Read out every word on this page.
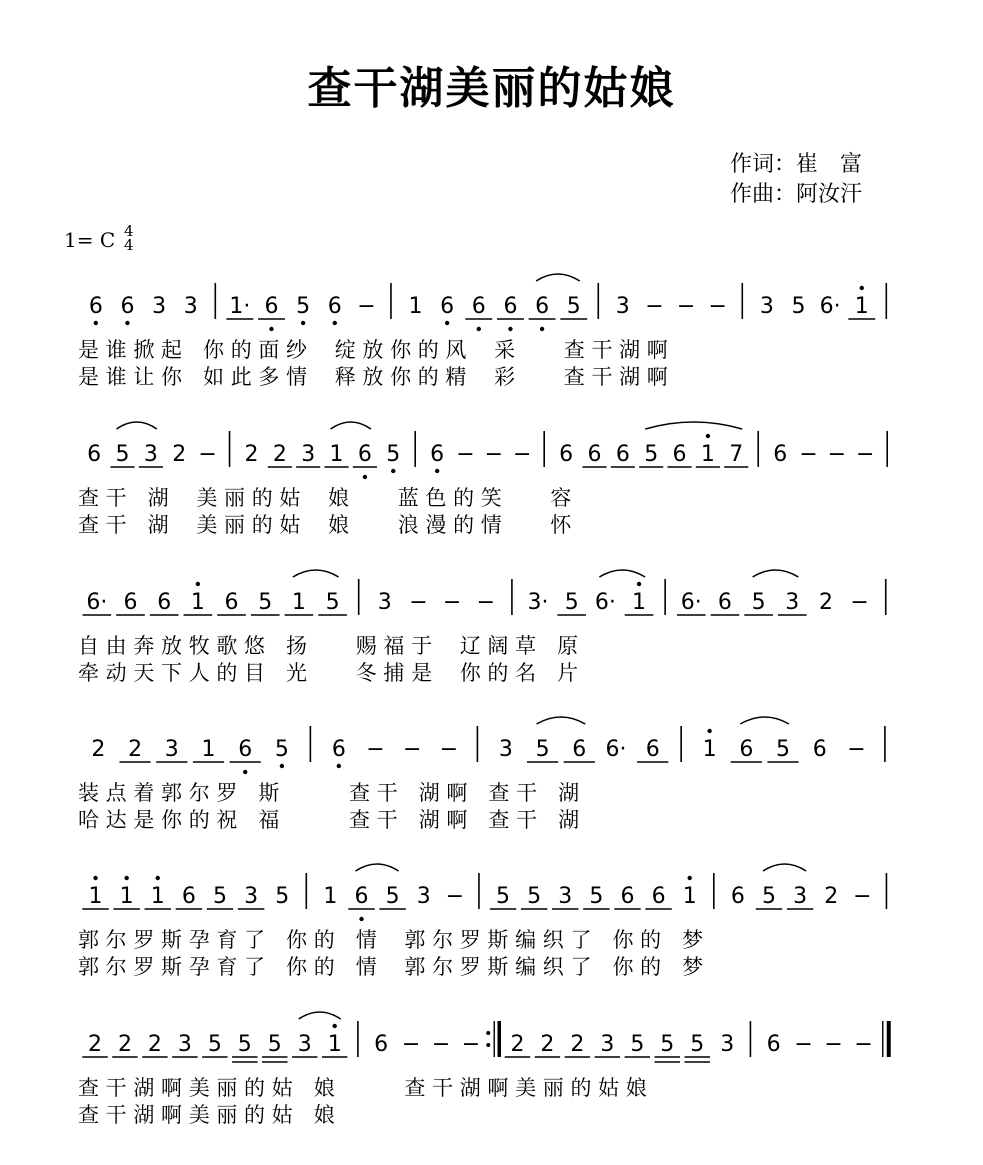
查干湖美丽的姑娘
作词：崔　富
作曲：阿汝汗
1= C 4
4
6 6 3 3 1· 6 5 6 − 1 6 6 6 6 5 3 − − − 3 5 6· 1
是 谁 掀 起　你 的 面 纱　 绽 放 你 的 风　 采　　 查 干 湖 啊
是 谁 让 你　如 此 多 情　 释 放 你 的 精　 彩　　 查 干 湖 啊
6 5 3 2 − 2 2 3 1 6 5 6 − − − 6 6 6 5 6 1 7 6 − − −
查 干　湖　 美 丽 的 姑　 娘　　 蓝 色 的 笑　　 容
查 干　湖　 美 丽 的 姑　 娘　　 浪 漫 的 情　　 怀
6· 6 6 1 6 5 1 5 3 − − − 3· 5 6· 1 6· 6 5 3 2 −
自 由 奔 放 牧 歌 悠　扬　　 赐 福 于　 辽 阔 草　原
牵 动 天 下 人 的 目　光　　 冬 捕 是　 你 的 名　片
2 2 3 1 6 5 6 − − − 3 5 6 6· 6 1 6 5 6 −
装 点 着 郭 尔 罗　斯　　　 查 干　湖 啊　查 干　湖
哈 达 是 你 的 祝　福　　　 查 干　湖 啊　查 干　湖
1 1 1 6 5 3 5 1 6 5 3 − 5 5 3 5 6 6 1 6 5 3 2 −
郭 尔 罗 斯 孕 育 了　你 的　情　 郭 尔 罗 斯 编 织 了　你 的　梦
郭 尔 罗 斯 孕 育 了　你 的　情　 郭 尔 罗 斯 编 织 了　你 的　梦
2 2 2 3 5 5 5 3 1 6 − − − 2 2 2 3 5 5 5 3 6 − − −
查 干 湖 啊 美 丽 的 姑　娘　　　 查 干 湖 啊 美 丽 的 姑 娘
查 干 湖 啊 美 丽 的 姑　娘
